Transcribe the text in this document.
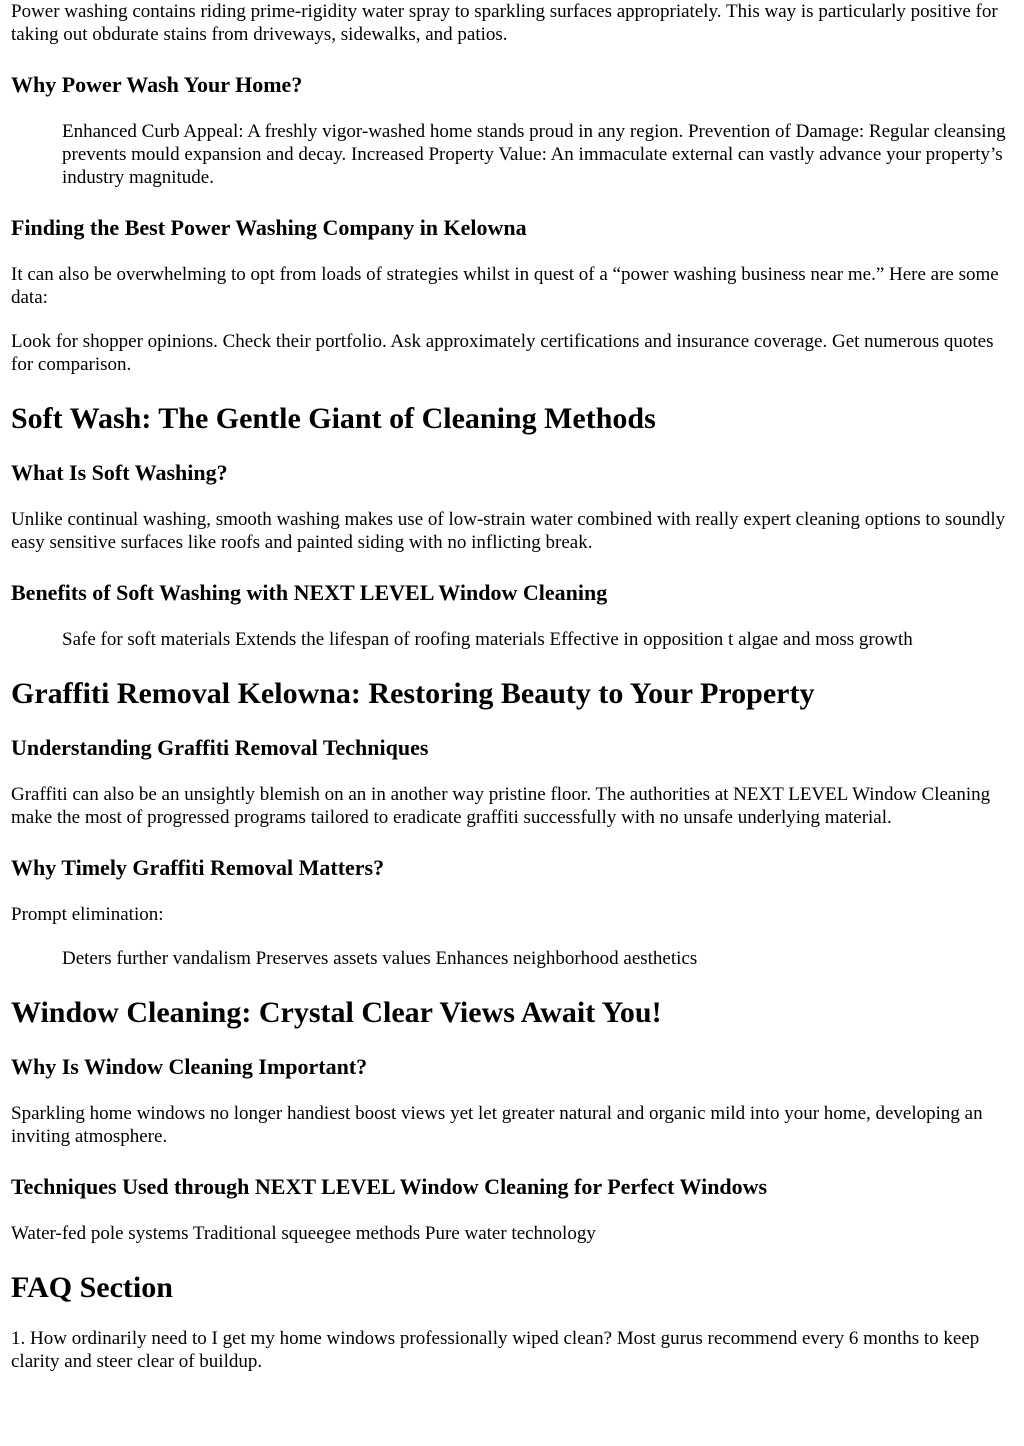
Power washing contains riding prime-rigidity water spray to sparkling surfaces appropriately. This way is particularly positive for taking out obdurate stains from driveways, sidewalks, and patios.

Why Power Wash Your Home?
Enhanced Curb Appeal: A freshly vigor-washed home stands proud in any region. Prevention of Damage: Regular cleansing prevents mould expansion and decay. Increased Property Value: An immaculate external can vastly advance your property’s industry magnitude.
Finding the Best Power Washing Company in Kelowna

It can also be overwhelming to opt from loads of strategies whilst in quest of a “power washing business near me.” Here are some data:

Look for shopper opinions. Check their portfolio. Ask approximately certifications and insurance coverage. Get numerous quotes for comparison.

Soft Wash: The Gentle Giant of Cleaning Methods
What Is Soft Washing?

Unlike continual washing, smooth washing makes use of low-strain water combined with really expert cleaning options to soundly easy sensitive surfaces like roofs and painted siding with no inflicting break.

Benefits of Soft Washing with NEXT LEVEL Window Cleaning
Safe for soft materials Extends the lifespan of roofing materials Effective in opposition t algae and moss growth
Graffiti Removal Kelowna: Restoring Beauty to Your Property
Understanding Graffiti Removal Techniques

Graffiti can also be an unsightly blemish on an in another way pristine floor. The authorities at NEXT LEVEL Window Cleaning make the most of progressed programs tailored to eradicate graffiti successfully with no unsafe underlying material.

Why Timely Graffiti Removal Matters?

Prompt elimination:

Deters further vandalism Preserves assets values Enhances neighborhood aesthetics
Window Cleaning: Crystal Clear Views Await You!
Why Is Window Cleaning Important?

Sparkling home windows no longer handiest boost views yet let greater natural and organic mild into your home, developing an inviting atmosphere.

Techniques Used through NEXT LEVEL Window Cleaning for Perfect Windows

Water-fed pole systems Traditional squeegee methods Pure water technology

FAQ Section

1. How ordinarily need to I get my home windows professionally wiped clean? Most gurus recommend every 6 months to keep clarity and steer clear of buildup.
